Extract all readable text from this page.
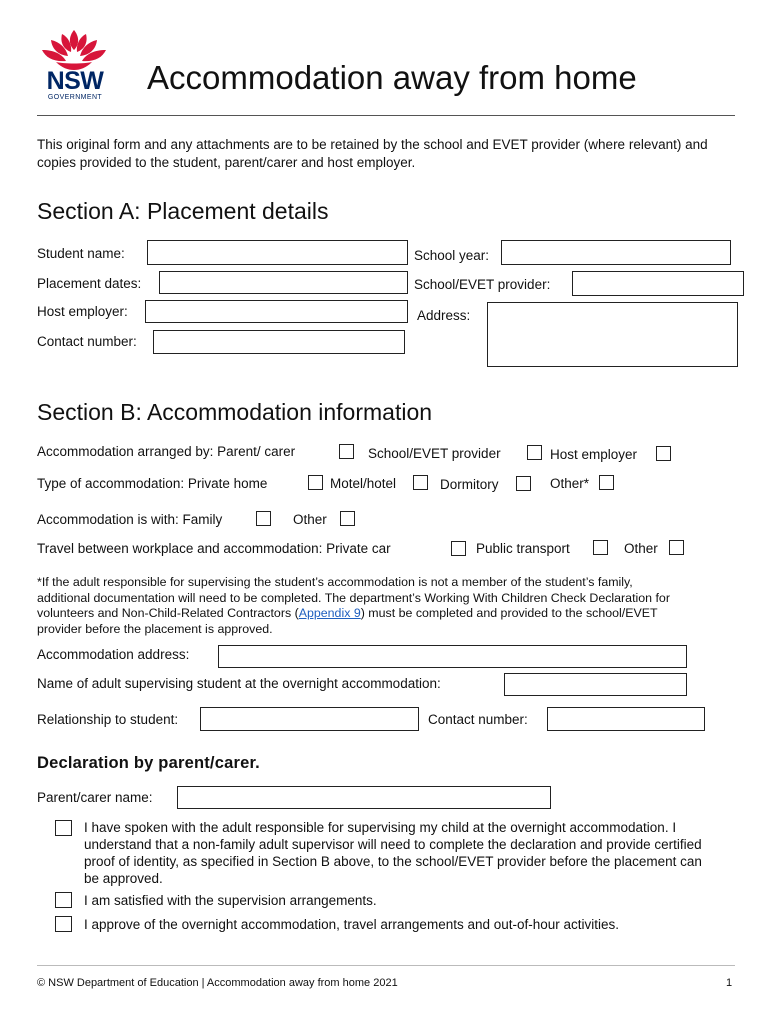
NSW
GOVERNMENT
Accommodation away from home
This original form and any attachments are to be retained by the school and EVET provider (where relevant) and copies provided to the student, parent/carer and host employer.
Section A: Placement details
Student name:	School year:
Placement dates:	School/EVET provider:
Host employer:	Address:
Contact number:
Section B: Accommodation information
Accommodation arranged by: Parent/ carer	School/EVET provider	Host employer
Type of accommodation: Private home	Motel/hotel	Dormitory	Other*
Accommodation is with: Family	Other
Travel between workplace and accommodation: Private car	Public transport	Other
*If the adult responsible for supervising the student’s accommodation is not a member of the student’s family, additional documentation will need to be completed. The department’s Working With Children Check Declaration for volunteers and Non-Child-Related Contractors (Appendix 9) must be completed and provided to the school/EVET provider before the placement is approved.
Accommodation address:
Name of adult supervising student at the overnight accommodation:
Relationship to student:	Contact number:
Declaration by parent/carer.
Parent/carer name:
I have spoken with the adult responsible for supervising my child at the overnight accommodation. I understand that a non-family adult supervisor will need to complete the declaration and provide certified proof of identity, as specified in Section B above, to the school/EVET provider before the placement can be approved.
I am satisfied with the supervision arrangements.
I approve of the overnight accommodation, travel arrangements and out-of-hour activities.
© NSW Department of Education | Accommodation away from home 2021	1
